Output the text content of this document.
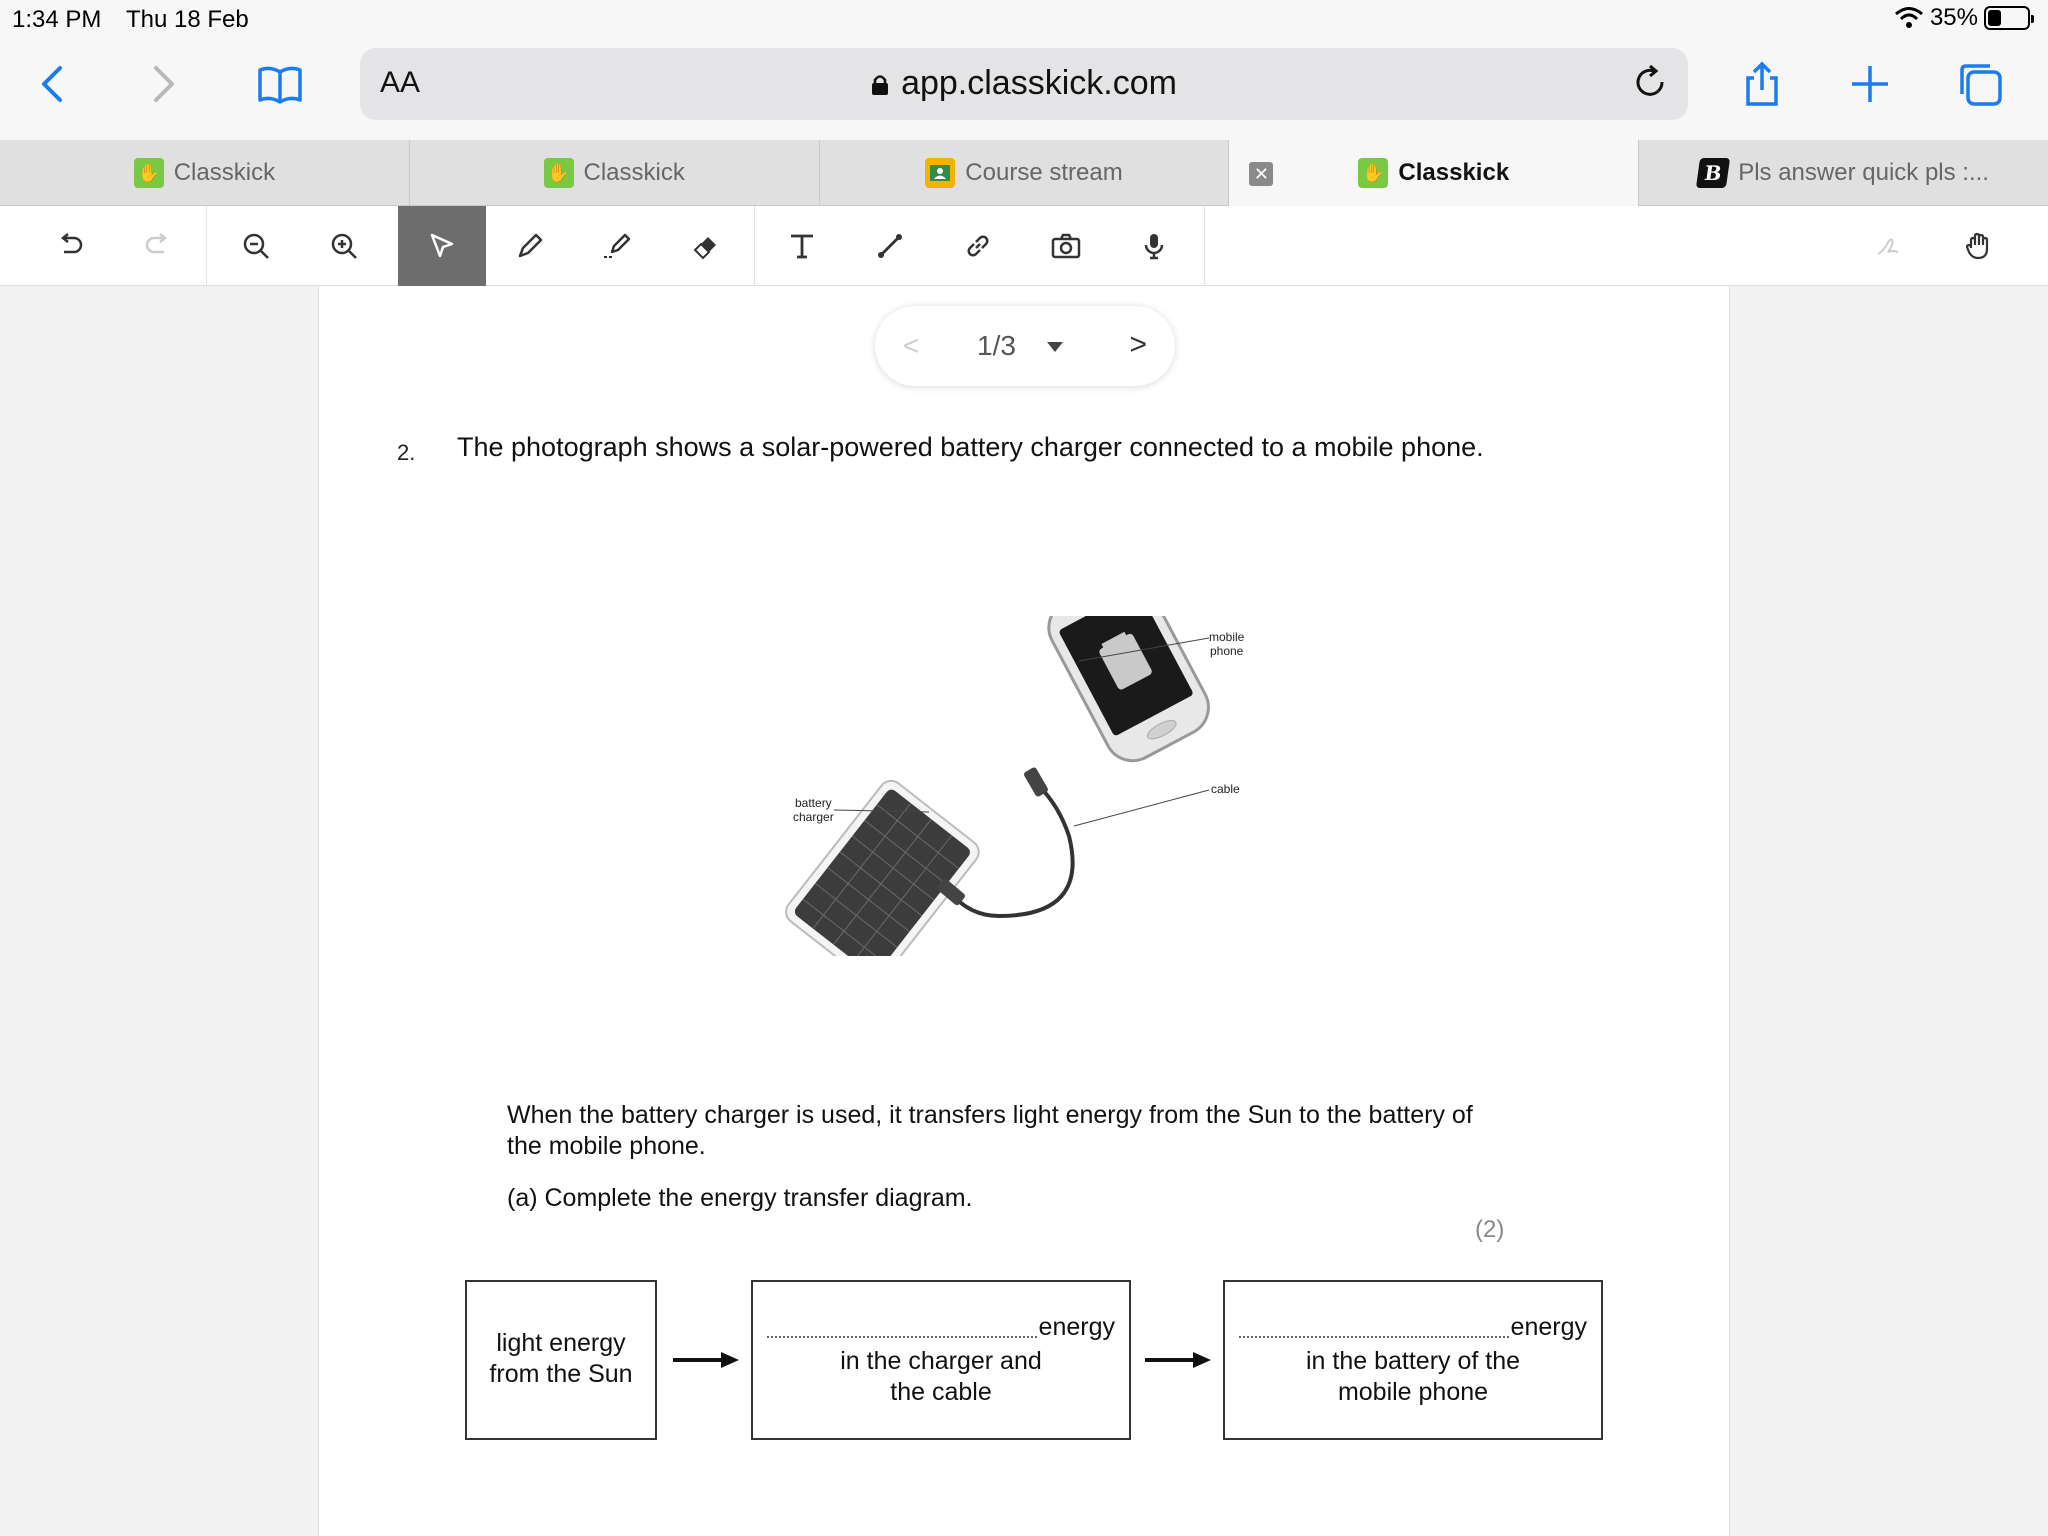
1:34 PM Thu 18 Feb	35%
AA	app.classkick.com
✋ Classkick	✋ Classkick	Course stream	✕	✋ Classkick	B Pls answer quick pls :...
< 1/3	>
2. The photograph shows a solar-powered battery charger connected to a mobile phone.
mobile
phone
cable
battery
charger
When the battery charger is used, it transfers light energy from the Sun to the battery of the mobile phone.
(a) Complete the energy transfer diagram.
(2)
light energy
from the Sun
energy
in the charger and
the cable
energy
in the battery of the
mobile phone
